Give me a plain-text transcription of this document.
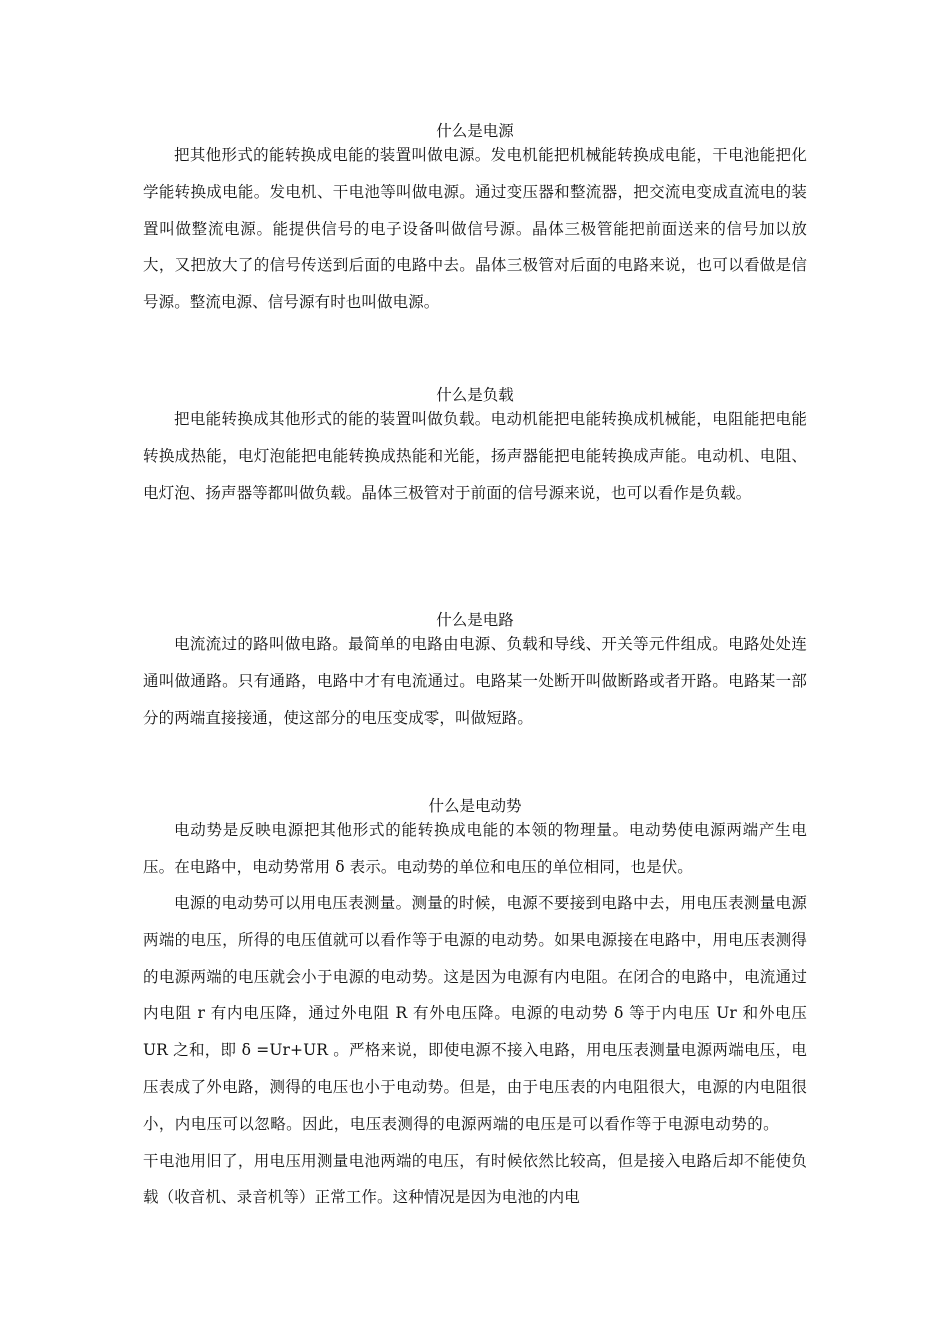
什么是电源

把其他形式的能转换成电能的装置叫做电源。发电机能把机械能转换成电能，干电池能把化学能转换成电能。发电机、干电池等叫做电源。通过变压器和整流器，把交流电变成直流电的装置叫做整流电源。能提供信号的电子设备叫做信号源。晶体三极管能把前面送来的信号加以放大，又把放大了的信号传送到后面的电路中去。晶体三极管对后面的电路来说，也可以看做是信号源。整流电源、信号源有时也叫做电源。

什么是负载

把电能转换成其他形式的能的装置叫做负载。电动机能把电能转换成机械能，电阻能把电能转换成热能，电灯泡能把电能转换成热能和光能，扬声器能把电能转换成声能。电动机、电阻、电灯泡、扬声器等都叫做负载。晶体三极管对于前面的信号源来说，也可以看作是负载。

什么是电路

电流流过的路叫做电路。最简单的电路由电源、负载和导线、开关等元件组成。电路处处连通叫做通路。只有通路，电路中才有电流通过。电路某一处断开叫做断路或者开路。电路某一部分的两端直接接通，使这部分的电压变成零，叫做短路。

什么是电动势

电动势是反映电源把其他形式的能转换成电能的本领的物理量。电动势使电源两端产生电压。在电路中，电动势常用 δ 表示。电动势的单位和电压的单位相同，也是伏。

电源的电动势可以用电压表测量。测量的时候，电源不要接到电路中去，用电压表测量电源两端的电压，所得的电压值就可以看作等于电源的电动势。如果电源接在电路中，用电压表测得的电源两端的电压就会小于电源的电动势。这是因为电源有内电阻。在闭合的电路中，电流通过内电阻 r 有内电压降，通过外电阻 R 有外电压降。电源的电动势 δ 等于内电压 Ur 和外电压 UR 之和，即 δ =Ur+UR 。严格来说，即使电源不接入电路，用电压表测量电源两端电压，电压表成了外电路，测得的电压也小于电动势。但是，由于电压表的内电阻很大，电源的内电阻很小，内电压可以忽略。因此，电压表测得的电源两端的电压是可以看作等于电源电动势的。干电池用旧了，用电压用测量电池两端的电压，有时候依然比较高，但是接入电路后却不能使负载（收音机、录音机等）正常工作。这种情况是因为电池的内电
